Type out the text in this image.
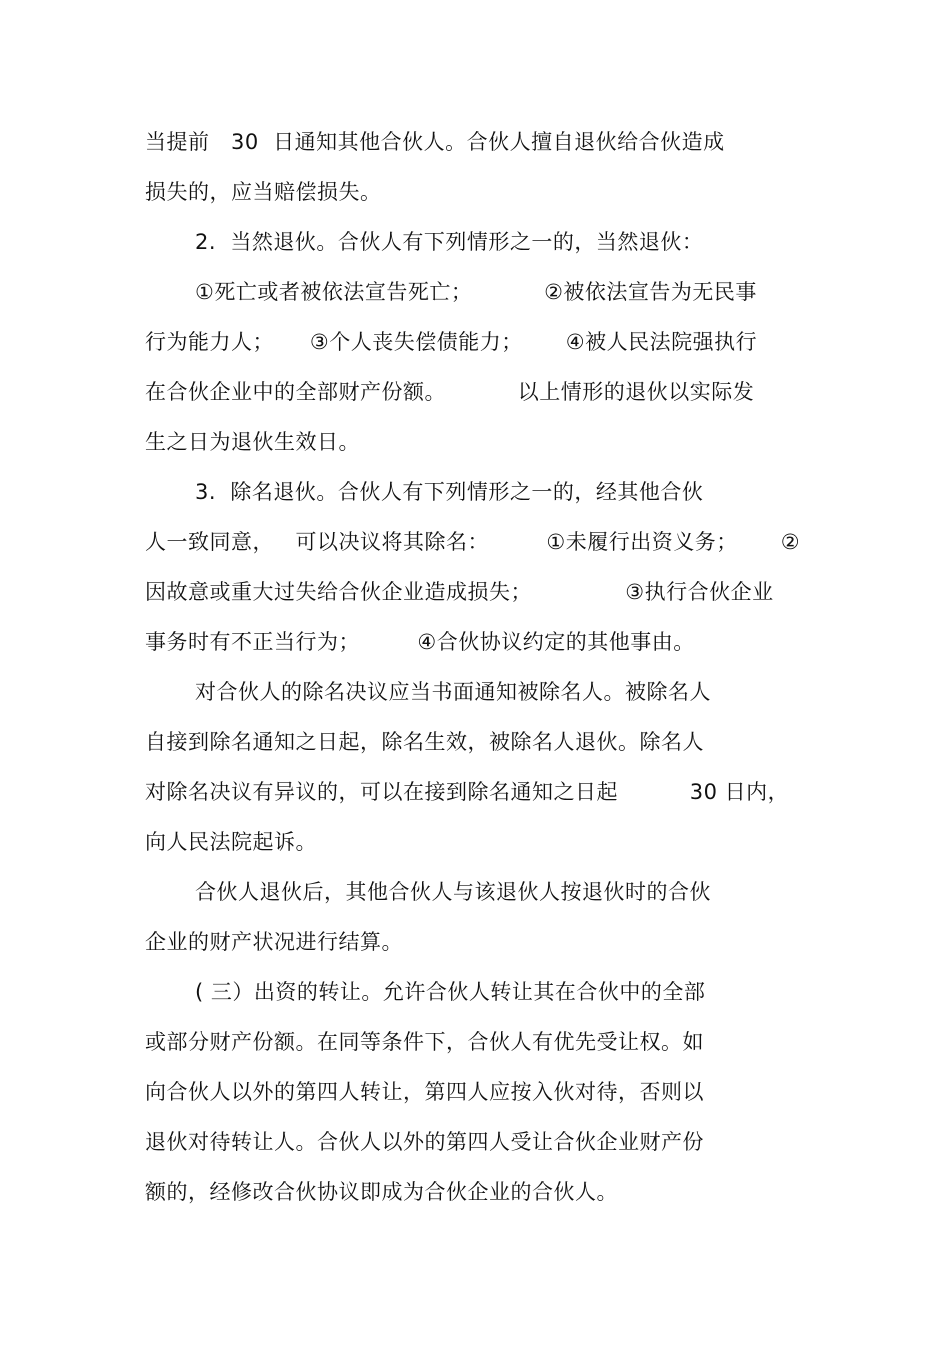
当提前   30  日通知其他合伙人。合伙人擅自退伙给合伙造成
损失的，应当赔偿损失。
2.  当然退伙。合伙人有下列情形之一的，当然退伙：
①死亡或者被依法宣告死亡；          ②被依法宣告为无民事
行为能力人；     ③个人丧失偿债能力；      ④被人民法院强执行
在合伙企业中的全部财产份额。          以上情形的退伙以实际发
生之日为退伙生效日。
3.  除名退伙。合伙人有下列情形之一的，经其他合伙
人一致同意，   可以决议将其除名：        ①未履行出资义务；      ②
因故意或重大过失给合伙企业造成损失；             ③执行合伙企业
事务时有不正当行为；        ④合伙协议约定的其他事由。
对合伙人的除名决议应当书面通知被除名人。被除名人
自接到除名通知之日起，除名生效，被除名人退伙。除名人
对除名决议有异议的，可以在接到除名通知之日起          30 日内，
向人民法院起诉。
合伙人退伙后，其他合伙人与该退伙人按退伙时的合伙
企业的财产状况进行结算。
( 三）出资的转让。允许合伙人转让其在合伙中的全部
或部分财产份额。在同等条件下，合伙人有优先受让权。如
向合伙人以外的第四人转让，第四人应按入伙对待，否则以
退伙对待转让人。合伙人以外的第四人受让合伙企业财产份
额的，经修改合伙协议即成为合伙企业的合伙人。
